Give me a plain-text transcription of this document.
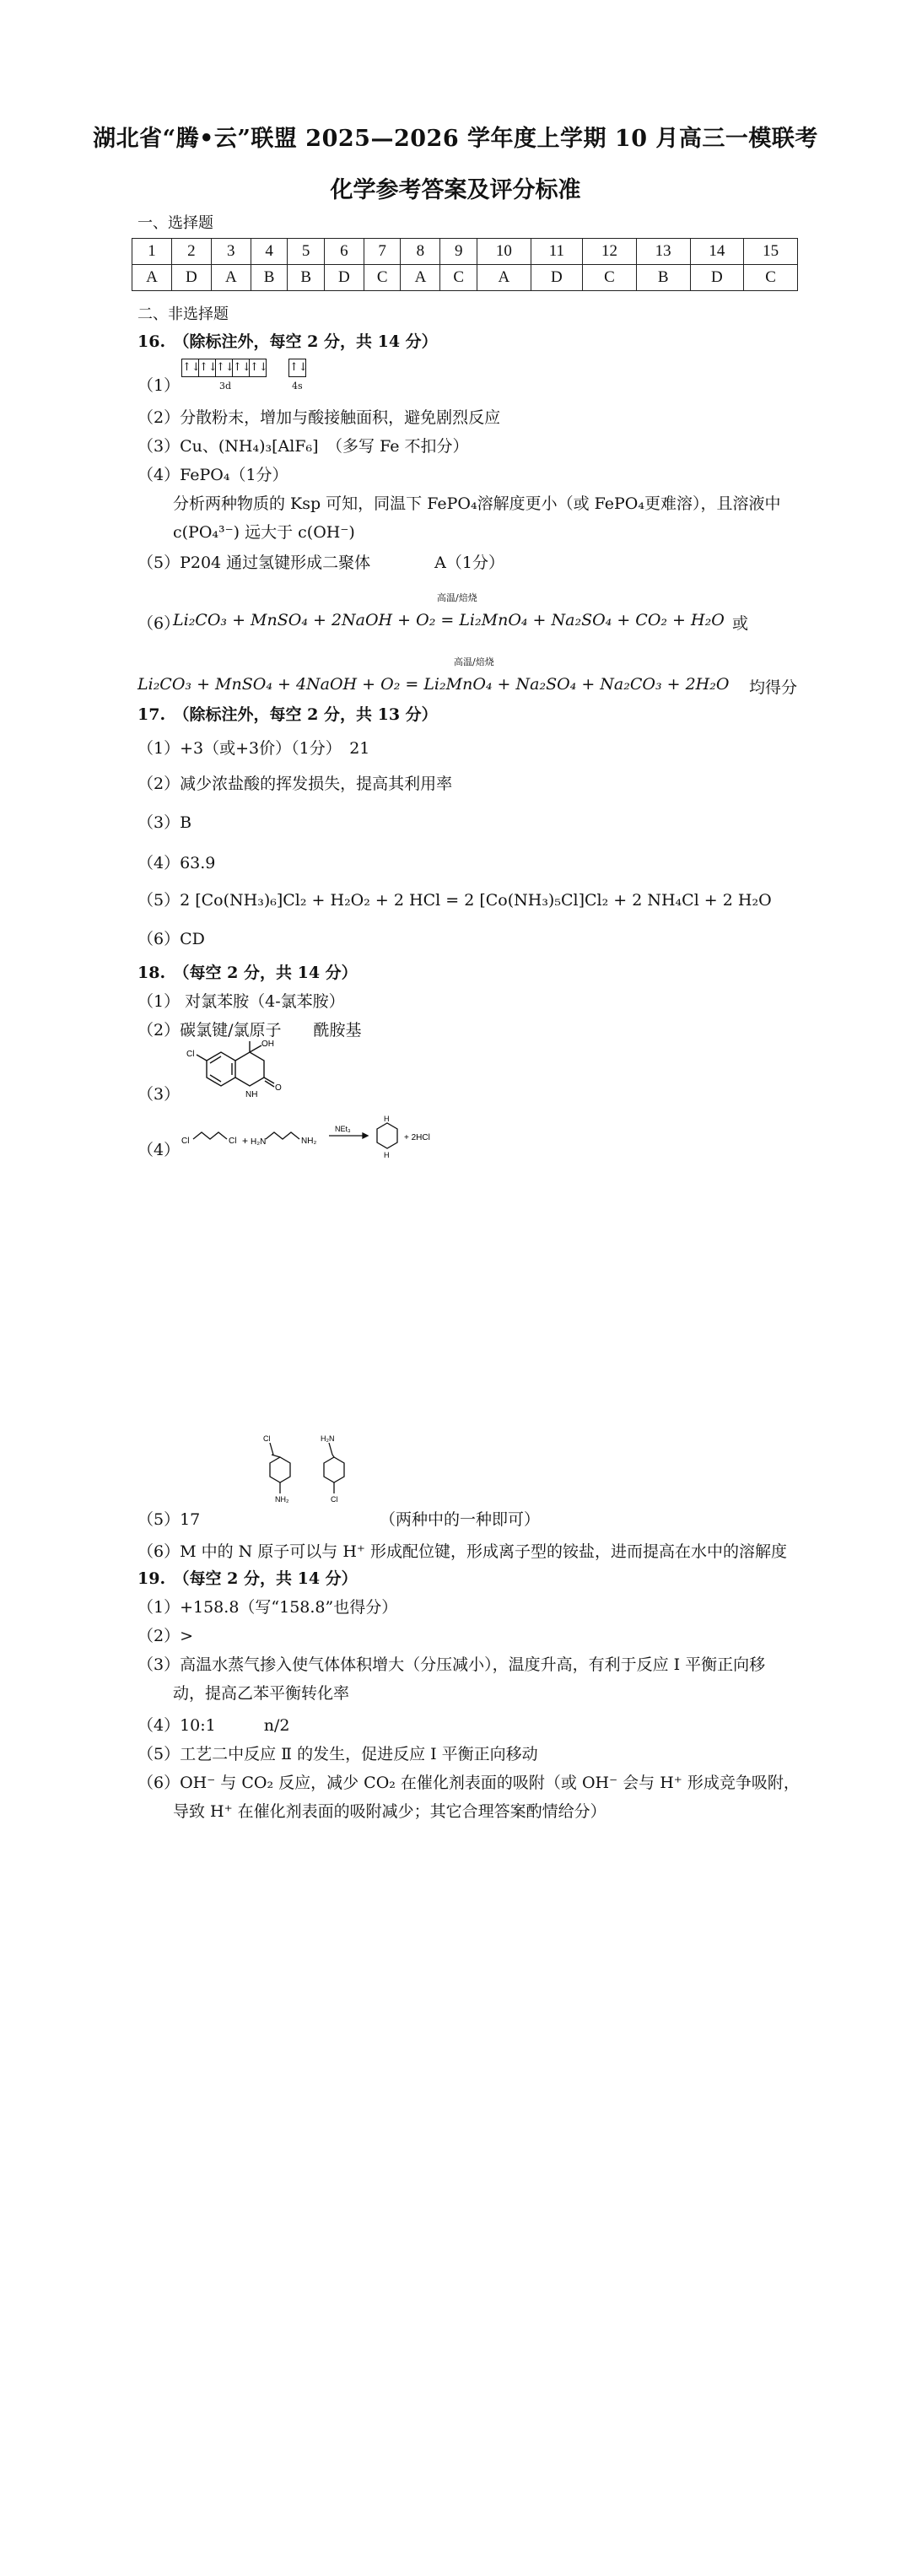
湖北省“腾•云”联盟 2025—2026 学年度上学期 10 月高三一模联考
化学参考答案及评分标准
一、选择题
1	2	3	4	5	6	7	8	9	10	11	12	13	14	15
A	D	A	B	B	D	C	A	C	A	D	C	B	D	C
二、非选择题
16.　（除标注外，每空 2 分，共 14 分）
（1）
↑↓
↑↓
↑↓
↑↓
↑↓
3d
↑↓
4s
（2）分散粉末，增加与酸接触面积，避免剧烈反应
（3）Cu、(NH₄)₃[AlF₆]　（多写 Fe 不扣分）
（4）FePO₄（1分）
分析两种物质的 Ksp 可知，同温下 FePO₄溶解度更小（或 FePO₄更难溶），且溶液中
c(PO₄³⁻) 远大于 c(OH⁻)
（5）P204 通过氢键形成二聚体　　　　A（1分）
高温/焙烧
（6）
Li₂CO₃ + MnSO₄ + 2NaOH + O₂ = Li₂MnO₄ + Na₂SO₄ + CO₂ + H₂O 或
高温/焙烧
Li₂CO₃ + MnSO₄ + 4NaOH + O₂ = Li₂MnO₄ + Na₂SO₄ + Na₂CO₃ + 2H₂O 均得分
17.　（除标注外，每空 2 分，共 13 分）
（1）+3（或+3价）（1分）　21
（2）减少浓盐酸的挥发损失，提高其利用率
（3）B
（4）63.9
（5）2 [Co(NH₃)₆]Cl₂ + H₂O₂ + 2 HCl = 2 [Co(NH₃)₅Cl]Cl₂ + 2 NH₄Cl + 2 H₂O
（6）CD
18.　（每空 2 分，共 14 分）
（1） 对氯苯胺（4-氯苯胺）
（2）碳氯键/氯原子　　酰胺基
（3）
Cl
OH
NH
O
（4） Cl	Cl + H₂N	NH₂
NEt₃
H
H
+ 2HCl
（5）17
Cl
NH₂
H₂N
Cl
（两种中的一种即可）
（6）M 中的 N 原子可以与 H⁺ 形成配位键，形成离子型的铵盐，进而提高在水中的溶解度
19.　（每空 2 分，共 14 分）
（1）+158.8（写“158.8”也得分）
（2）>
（3）高温水蒸气掺入使气体体积增大（分压减小），温度升高，有利于反应 Ⅰ 平衡正向移
动，提高乙苯平衡转化率
（4）10:1　　　n/2
（5）工艺二中反应 Ⅱ 的发生，促进反应 Ⅰ 平衡正向移动
（6）OH⁻ 与 CO₂ 反应，减少 CO₂ 在催化剂表面的吸附（或 OH⁻ 会与 H⁺ 形成竞争吸附，
导致 H⁺ 在催化剂表面的吸附减少；其它合理答案酌情给分）
